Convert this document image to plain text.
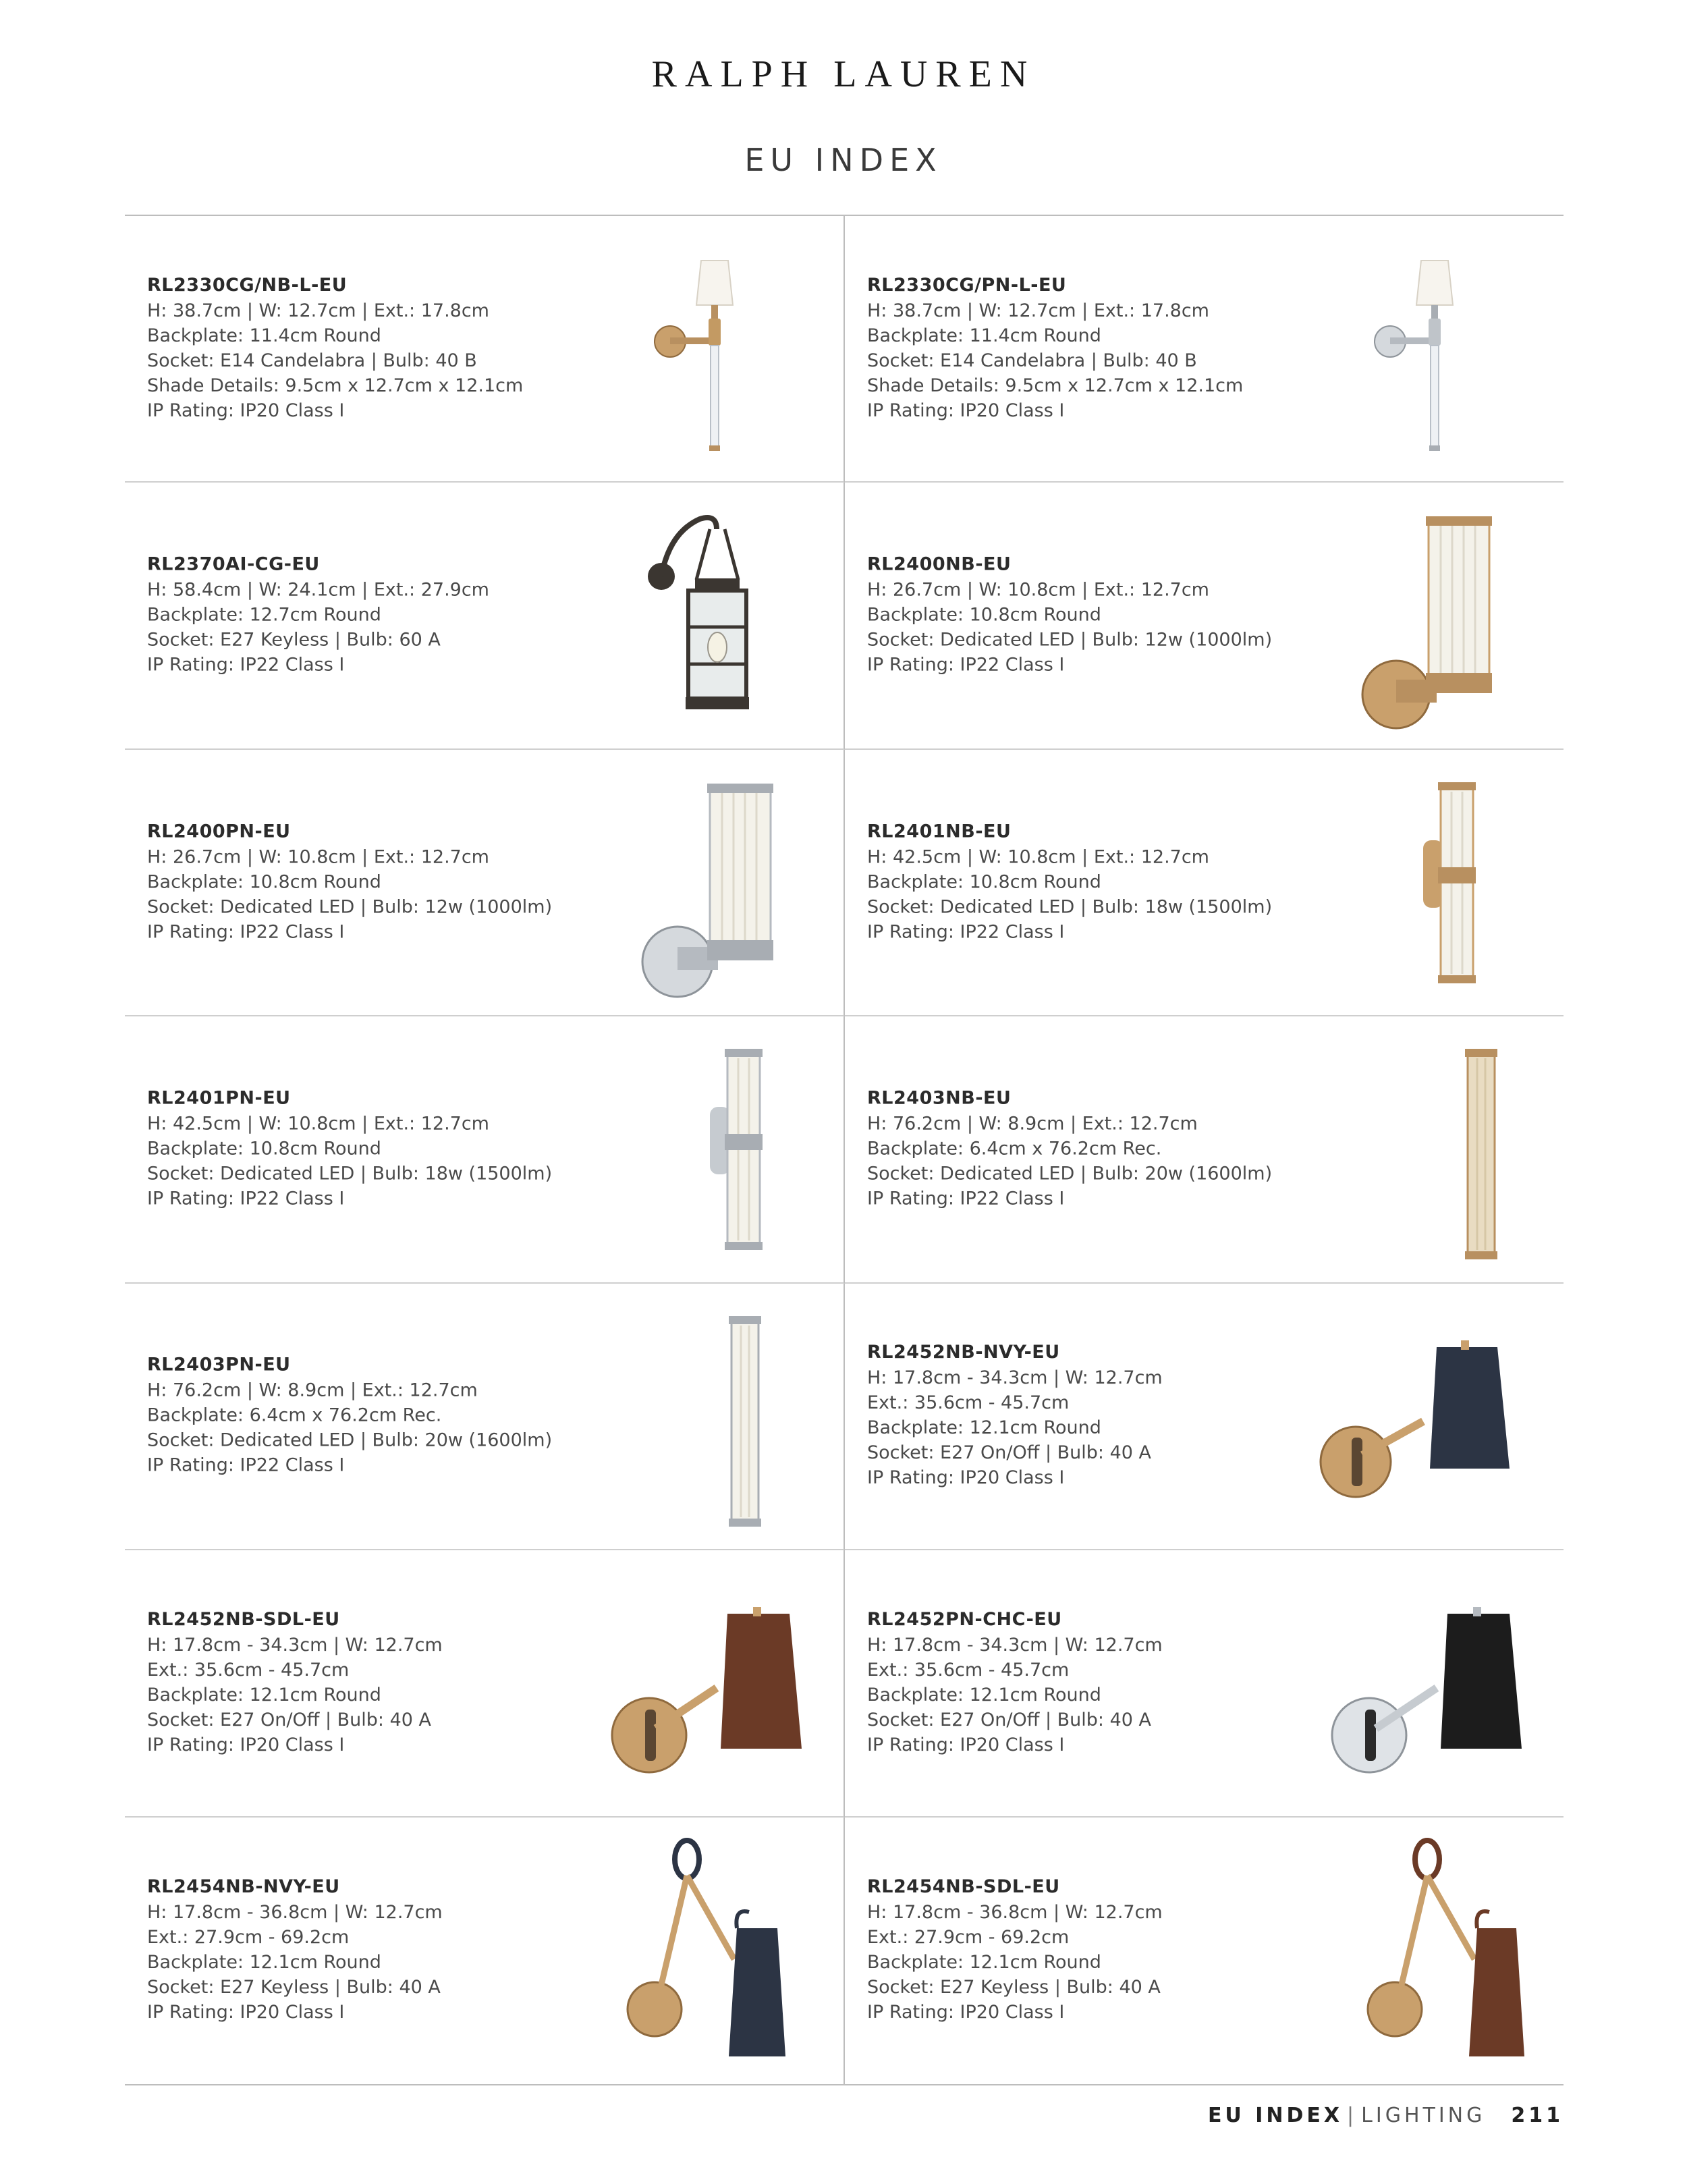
RALPH LAUREN
EU INDEX

RL2330CG/NB-L-EU

H: 38.7cm | W: 12.7cm | Ext.: 17.8cm

Backplate: 11.4cm Round

Socket: E14 Candelabra | Bulb: 40 B

Shade Details: 9.5cm x 12.7cm x 12.1cm

IP Rating: IP20 Class I

RL2330CG/PN-L-EU

H: 38.7cm | W: 12.7cm | Ext.: 17.8cm

Backplate: 11.4cm Round

Socket: E14 Candelabra | Bulb: 40 B

Shade Details: 9.5cm x 12.7cm x 12.1cm

IP Rating: IP20 Class I

RL2370AI-CG-EU

H: 58.4cm | W: 24.1cm | Ext.: 27.9cm

Backplate: 12.7cm Round

Socket: E27 Keyless | Bulb: 60 A

IP Rating: IP22 Class I

RL2400NB-EU

H: 26.7cm | W: 10.8cm | Ext.: 12.7cm

Backplate: 10.8cm Round

Socket: Dedicated LED | Bulb: 12w (1000lm)

IP Rating: IP22 Class I

RL2400PN-EU

H: 26.7cm | W: 10.8cm | Ext.: 12.7cm

Backplate: 10.8cm Round

Socket: Dedicated LED | Bulb: 12w (1000lm)

IP Rating: IP22 Class I

RL2401NB-EU

H: 42.5cm | W: 10.8cm | Ext.: 12.7cm

Backplate: 10.8cm Round

Socket: Dedicated LED | Bulb: 18w (1500lm)

IP Rating: IP22 Class I

RL2401PN-EU

H: 42.5cm | W: 10.8cm | Ext.: 12.7cm

Backplate: 10.8cm Round

Socket: Dedicated LED | Bulb: 18w (1500lm)

IP Rating: IP22 Class I

RL2403NB-EU

H: 76.2cm | W: 8.9cm | Ext.: 12.7cm

Backplate: 6.4cm x 76.2cm Rec.

Socket: Dedicated LED | Bulb: 20w (1600lm)

IP Rating: IP22 Class I

RL2403PN-EU

H: 76.2cm | W: 8.9cm | Ext.: 12.7cm

Backplate: 6.4cm x 76.2cm Rec.

Socket: Dedicated LED | Bulb: 20w (1600lm)

IP Rating: IP22 Class I

RL2452NB-NVY-EU

H: 17.8cm - 34.3cm | W: 12.7cm

Ext.: 35.6cm - 45.7cm

Backplate: 12.1cm Round

Socket: E27 On/Off | Bulb: 40 A

IP Rating: IP20 Class I

RL2452NB-SDL-EU

H: 17.8cm - 34.3cm | W: 12.7cm

Ext.: 35.6cm - 45.7cm

Backplate: 12.1cm Round

Socket: E27 On/Off | Bulb: 40 A

IP Rating: IP20 Class I

RL2452PN-CHC-EU

H: 17.8cm - 34.3cm | W: 12.7cm

Ext.: 35.6cm - 45.7cm

Backplate: 12.1cm Round

Socket: E27 On/Off | Bulb: 40 A

IP Rating: IP20 Class I

RL2454NB-NVY-EU

H: 17.8cm - 36.8cm | W: 12.7cm

Ext.: 27.9cm - 69.2cm

Backplate: 12.1cm Round

Socket: E27 Keyless | Bulb: 40 A

IP Rating: IP20 Class I

RL2454NB-SDL-EU

H: 17.8cm - 36.8cm | W: 12.7cm

Ext.: 27.9cm - 69.2cm

Backplate: 12.1cm Round

Socket: E27 Keyless | Bulb: 40 A

IP Rating: IP20 Class I

EU INDEX | LIGHTING 211
